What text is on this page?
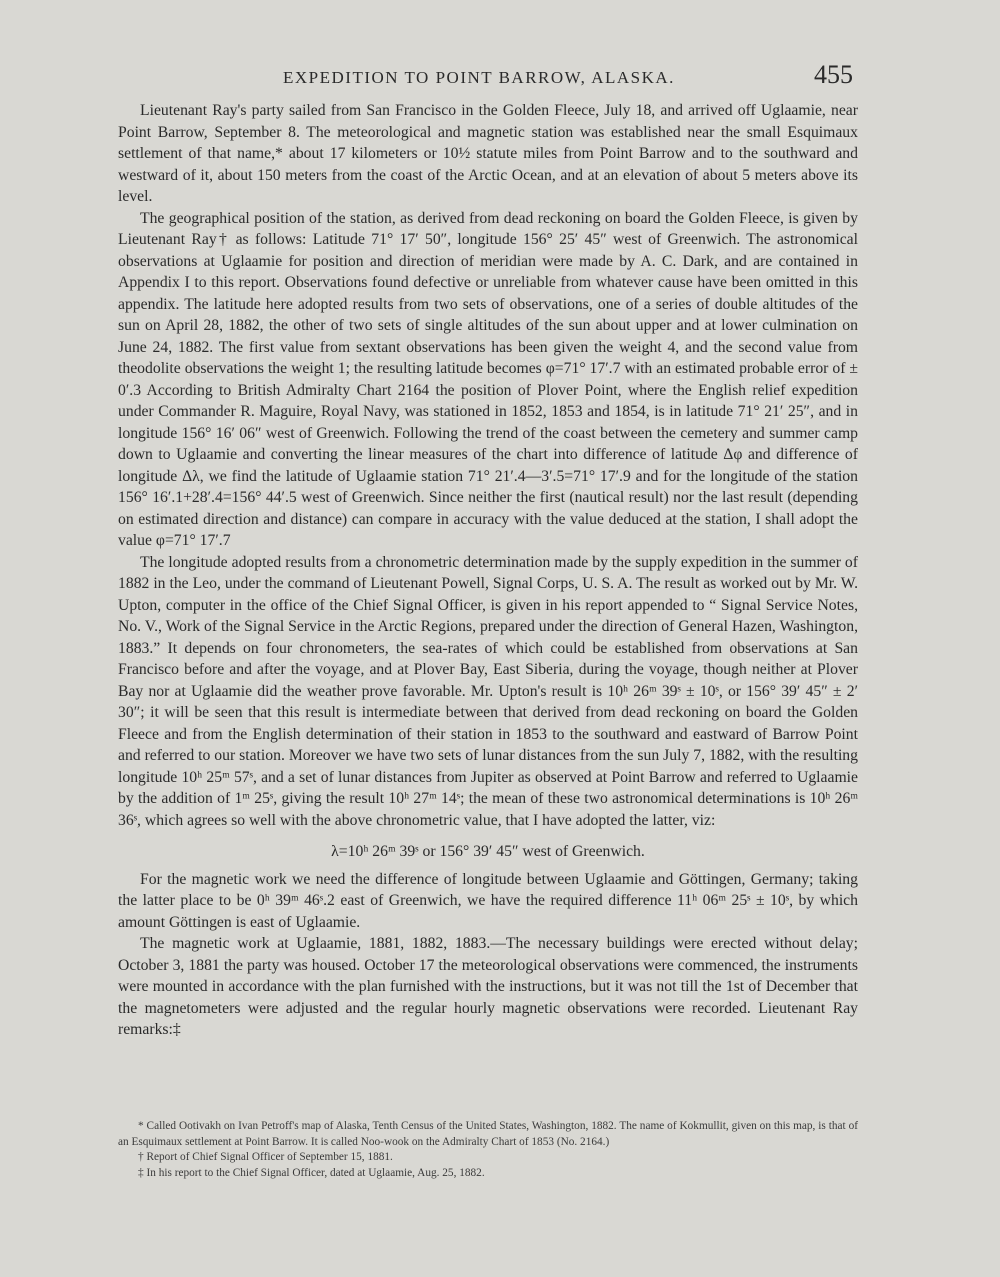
EXPEDITION TO POINT BARROW, ALASKA.	455

Lieutenant Ray's party sailed from San Francisco in the Golden Fleece, July 18, and arrived off Uglaamie, near Point Barrow, September 8. The meteorological and magnetic station was established near the small Esquimaux settlement of that name,* about 17 kilometers or 10½ statute miles from Point Barrow and to the southward and westward of it, about 150 meters from the coast of the Arctic Ocean, and at an elevation of about 5 meters above its level.

The geographical position of the station, as derived from dead reckoning on board the Golden Fleece, is given by Lieutenant Ray† as follows: Latitude 71° 17′ 50″, longitude 156° 25′ 45″ west of Greenwich. The astronomical observations at Uglaamie for position and direction of meridian were made by A. C. Dark, and are contained in Appendix I to this report. Observations found defective or unreliable from whatever cause have been omitted in this appendix. The latitude here adopted results from two sets of observations, one of a series of double altitudes of the sun on April 28, 1882, the other of two sets of single altitudes of the sun about upper and at lower culmination on June 24, 1882. The first value from sextant observations has been given the weight 4, and the second value from theodolite observations the weight 1; the resulting latitude becomes φ=71° 17′.7 with an estimated probable error of ± 0′.3 According to British Admiralty Chart 2164 the position of Plover Point, where the English relief expedition under Commander R. Maguire, Royal Navy, was stationed in 1852, 1853 and 1854, is in latitude 71° 21′ 25″, and in longitude 156° 16′ 06″ west of Greenwich. Following the trend of the coast between the cemetery and summer camp down to Uglaamie and converting the linear measures of the chart into difference of latitude Δφ and difference of longitude Δλ, we find the latitude of Uglaamie station 71° 21′.4—3′.5=71° 17′.9 and for the longitude of the station 156° 16′.1+28′.4=156° 44′.5 west of Greenwich. Since neither the first (nautical result) nor the last result (depending on estimated direction and distance) can compare in accuracy with the value deduced at the station, I shall adopt the value φ=71° 17′.7

The longitude adopted results from a chronometric determination made by the supply expedition in the summer of 1882 in the Leo, under the command of Lieutenant Powell, Signal Corps, U. S. A. The result as worked out by Mr. W. Upton, computer in the office of the Chief Signal Officer, is given in his report appended to “ Signal Service Notes, No. V., Work of the Signal Service in the Arctic Regions, prepared under the direction of General Hazen, Washington, 1883.” It depends on four chronometers, the sea-rates of which could be established from observations at San Francisco before and after the voyage, and at Plover Bay, East Siberia, during the voyage, though neither at Plover Bay nor at Uglaamie did the weather prove favorable. Mr. Upton's result is 10ʰ 26ᵐ 39ˢ ± 10ˢ, or 156° 39′ 45″ ± 2′ 30″; it will be seen that this result is intermediate between that derived from dead reckoning on board the Golden Fleece and from the English determination of their station in 1853 to the southward and eastward of Barrow Point and referred to our station. Moreover we have two sets of lunar distances from the sun July 7, 1882, with the resulting longitude 10ʰ 25ᵐ 57ˢ, and a set of lunar distances from Jupiter as observed at Point Barrow and referred to Uglaamie by the addition of 1ᵐ 25ˢ, giving the result 10ʰ 27ᵐ 14ˢ; the mean of these two astronomical determinations is 10ʰ 26ᵐ 36ˢ, which agrees so well with the above chronometric value, that I have adopted the latter, viz:

λ=10ʰ 26ᵐ 39ˢ or 156° 39′ 45″ west of Greenwich.

For the magnetic work we need the difference of longitude between Uglaamie and Göttingen, Germany; taking the latter place to be 0ʰ 39ᵐ 46ˢ.2 east of Greenwich, we have the required difference 11ʰ 06ᵐ 25ˢ ± 10ˢ, by which amount Göttingen is east of Uglaamie.

The magnetic work at Uglaamie, 1881, 1882, 1883.—The necessary buildings were erected without delay; October 3, 1881 the party was housed. October 17 the meteorological observations were commenced, the instruments were mounted in accordance with the plan furnished with the instructions, but it was not till the 1st of December that the magnetometers were adjusted and the regular hourly magnetic observations were recorded. Lieutenant Ray remarks:‡

* Called Ootivakh on Ivan Petroff's map of Alaska, Tenth Census of the United States, Washington, 1882. The name of Kokmullit, given on this map, is that of an Esquimaux settlement at Point Barrow. It is called Noo-wook on the Admiralty Chart of 1853 (No. 2164.)

† Report of Chief Signal Officer of September 15, 1881.

‡ In his report to the Chief Signal Officer, dated at Uglaamie, Aug. 25, 1882.
